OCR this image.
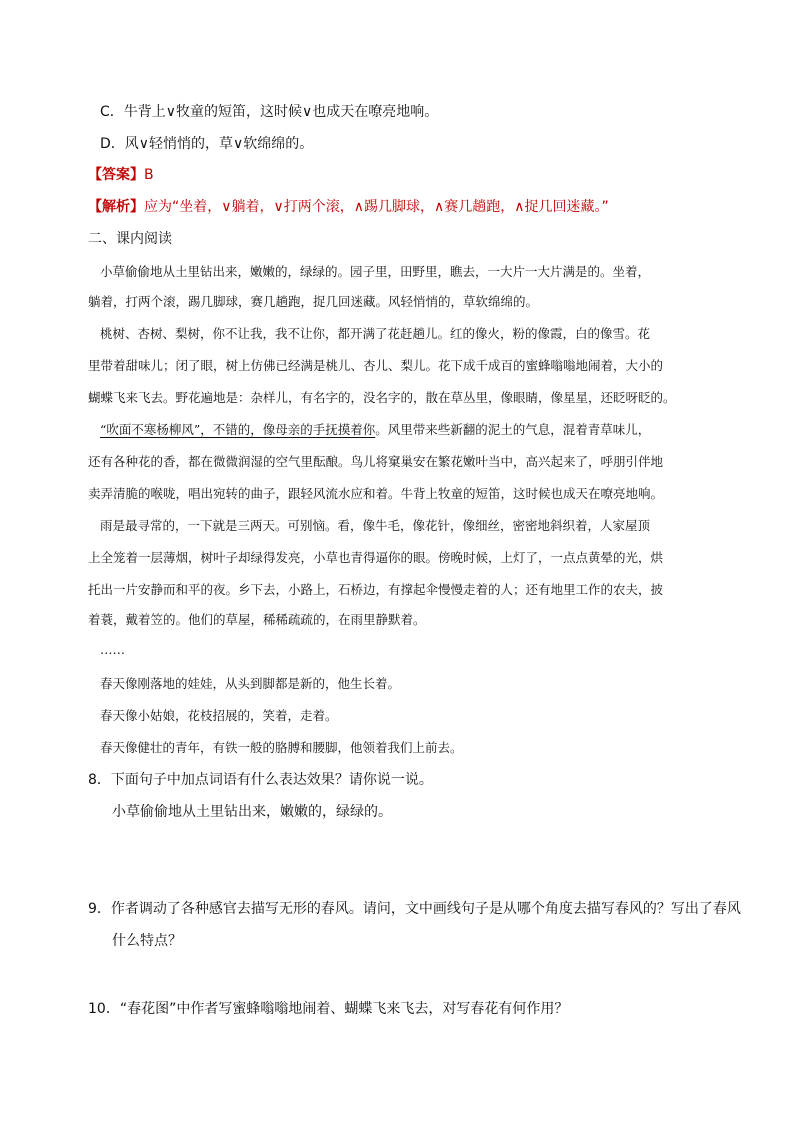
C．牛背上∨牧童的短笛，这时候∨也成天在嘹亮地响。
D．风∨轻悄悄的，草∨软绵绵的。
【答案】B
【解析】应为“坐着，∨躺着，∨打两个滚，∧踢几脚球，∧赛几趟跑，∧捉几回迷藏。”
二、课内阅读
小草偷偷地从土里钻出来，嫩嫩的，绿绿的。园子里，田野里，瞧去，一大片一大片满是的。坐着，
躺着，打两个滚，踢几脚球，赛几趟跑，捉几回迷藏。风轻悄悄的，草软绵绵的。
桃树、杏树、梨树，你不让我，我不让你，都开满了花赶趟儿。红的像火，粉的像霞，白的像雪。花
里带着甜味儿；闭了眼，树上仿佛已经满是桃儿、杏儿、梨儿。花下成千成百的蜜蜂嗡嗡地闹着，大小的
蝴蝶飞来飞去。野花遍地是：杂样儿，有名字的，没名字的，散在草丛里，像眼睛，像星星，还眨呀眨的。
“吹面不寒杨柳风”，不错的，像母亲的手抚摸着你。风里带来些新翻的泥土的气息，混着青草味儿，
还有各种花的香，都在微微润湿的空气里酝酿。鸟儿将窠巢安在繁花嫩叶当中，高兴起来了，呼朋引伴地
卖弄清脆的喉咙，唱出宛转的曲子，跟轻风流水应和着。牛背上牧童的短笛，这时候也成天在嘹亮地响。
雨是最寻常的，一下就是三两天。可别恼。看，像牛毛，像花针，像细丝，密密地斜织着，人家屋顶
上全笼着一层薄烟，树叶子却绿得发亮，小草也青得逼你的眼。傍晚时候，上灯了，一点点黄晕的光，烘
托出一片安静而和平的夜。乡下去，小路上，石桥边，有撑起伞慢慢走着的人；还有地里工作的农夫，披
着蓑，戴着笠的。他们的草屋，稀稀疏疏的，在雨里静默着。
……
春天像刚落地的娃娃，从头到脚都是新的，他生长着。
春天像小姑娘，花枝招展的，笑着，走着。
春天像健壮的青年，有铁一般的胳膊和腰脚，他领着我们上前去。
8．下面句子中加点词语有什么表达效果？请你说一说。
小草偷偷地从土里钻出来，嫩嫩的，绿绿的。
9．作者调动了各种感官去描写无形的春风。请问，文中画线句子是从哪个角度去描写春风的？写出了春风
什么特点？
10．“春花图”中作者写蜜蜂嗡嗡地闹着、蝴蝶飞来飞去，对写春花有何作用？
